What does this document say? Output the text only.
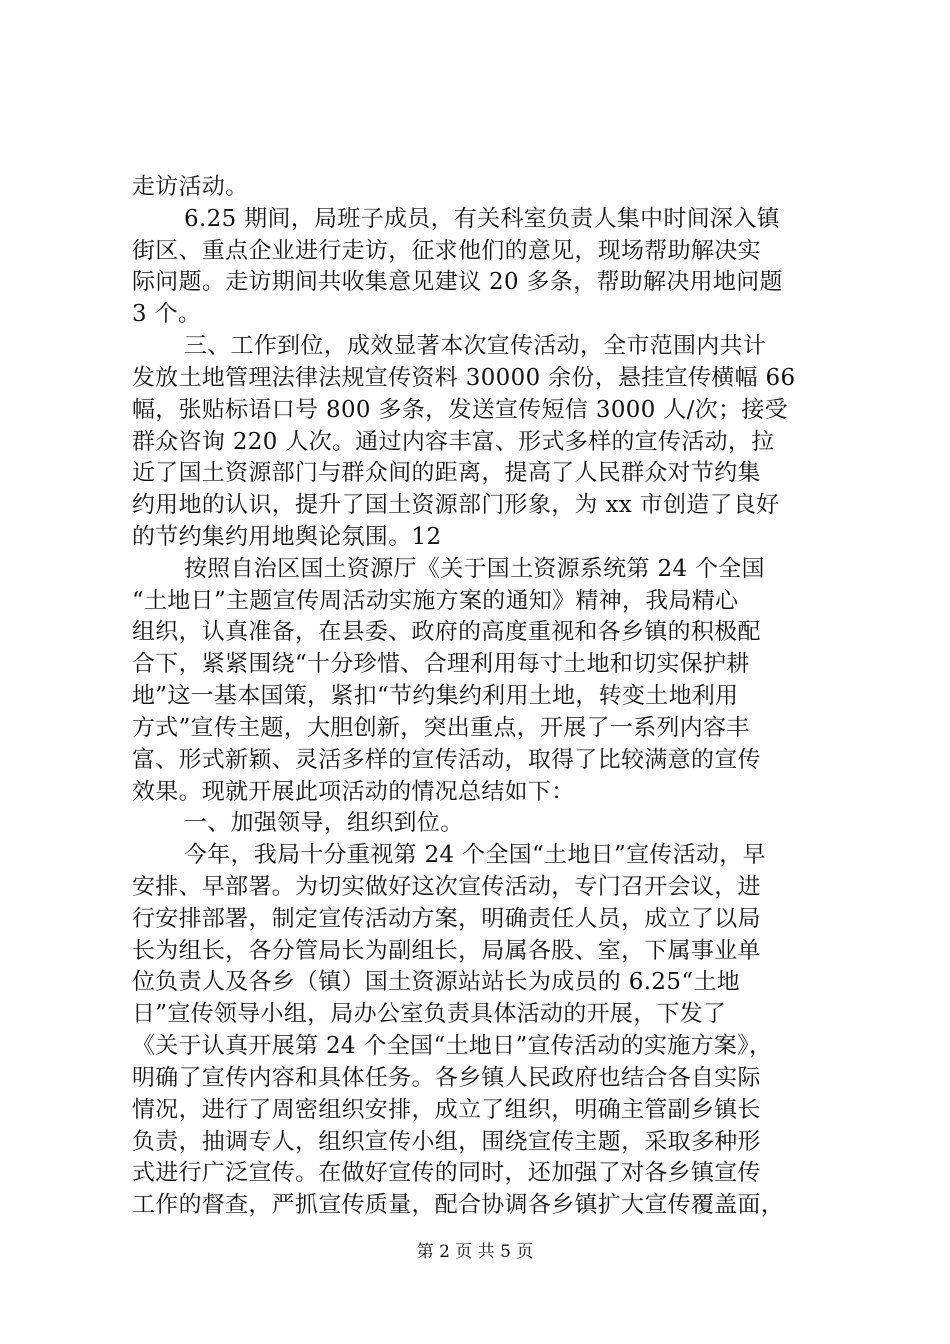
走访活动。
6.25 期间，局班子成员，有关科室负责人集中时间深入镇
街区、重点企业进行走访，征求他们的意见，现场帮助解决实
际问题。走访期间共收集意见建议 20 多条，帮助解决用地问题
3 个。
三、工作到位，成效显著本次宣传活动，全市范围内共计
发放土地管理法律法规宣传资料 30000 余份，悬挂宣传横幅 66
幅，张贴标语口号 800 多条，发送宣传短信 3000 人/次；接受
群众咨询 220 人次。通过内容丰富、形式多样的宣传活动，拉
近了国土资源部门与群众间的距离，提高了人民群众对节约集
约用地的认识，提升了国土资源部门形象，为 xx 市创造了良好
的节约集约用地舆论氛围。12
按照自治区国土资源厅《关于国土资源系统第 24 个全国
“土地日”主题宣传周活动实施方案的通知》精神，我局精心
组织，认真准备，在县委、政府的高度重视和各乡镇的积极配
合下，紧紧围绕“十分珍惜、合理利用每寸土地和切实保护耕
地”这一基本国策，紧扣“节约集约利用土地，转变土地利用
方式”宣传主题，大胆创新，突出重点，开展了一系列内容丰
富、形式新颖、灵活多样的宣传活动，取得了比较满意的宣传
效果。现就开展此项活动的情况总结如下：
一、加强领导，组织到位。
今年，我局十分重视第 24 个全国“土地日”宣传活动，早
安排、早部署。为切实做好这次宣传活动，专门召开会议，进
行安排部署，制定宣传活动方案，明确责任人员，成立了以局
长为组长，各分管局长为副组长，局属各股、室，下属事业单
位负责人及各乡（镇）国土资源站站长为成员的 6.25“土地
日”宣传领导小组，局办公室负责具体活动的开展，下发了
《关于认真开展第 24 个全国“土地日”宣传活动的实施方案》，
明确了宣传内容和具体任务。各乡镇人民政府也结合各自实际
情况，进行了周密组织安排，成立了组织，明确主管副乡镇长
负责，抽调专人，组织宣传小组，围绕宣传主题，采取多种形
式进行广泛宣传。在做好宣传的同时，还加强了对各乡镇宣传
工作的督查，严抓宣传质量，配合协调各乡镇扩大宣传覆盖面，
第 2 页 共 5 页
